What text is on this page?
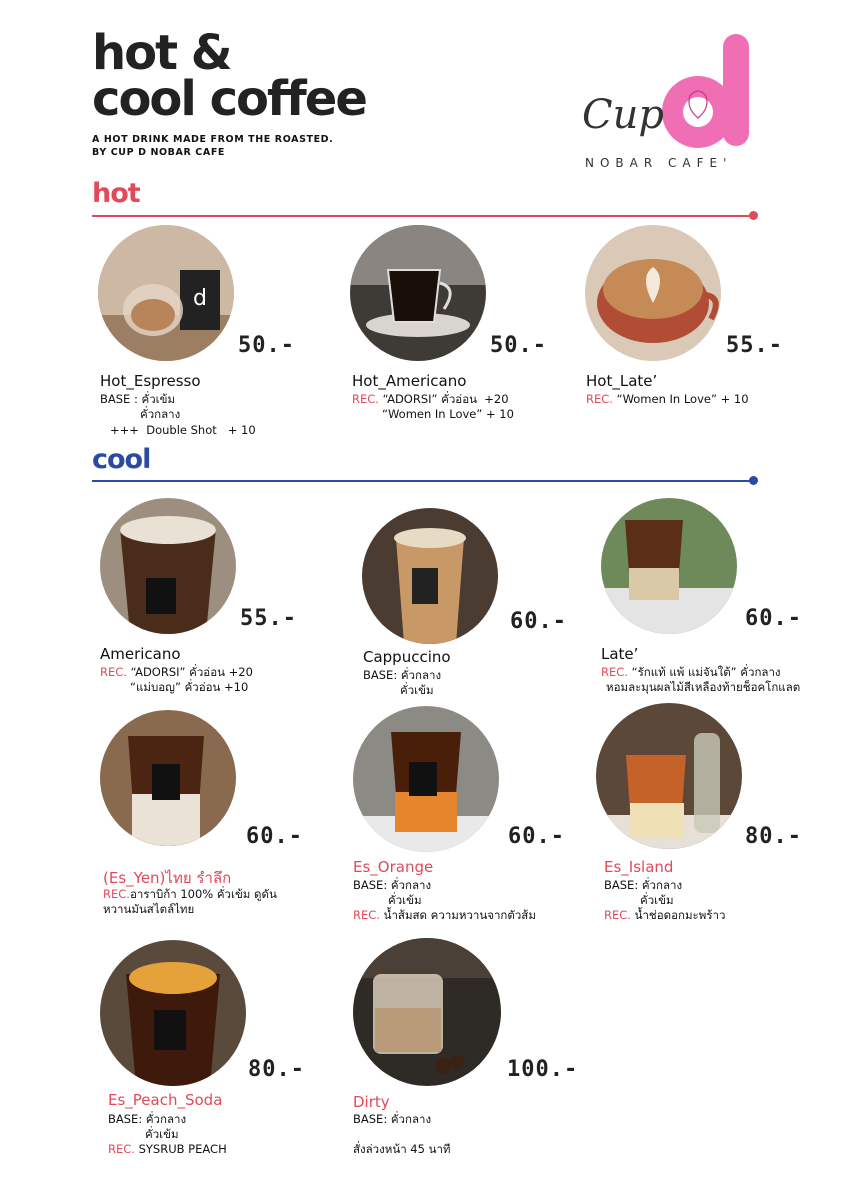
hot &
cool coffee
A HOT DRINK MADE FROM THE ROASTED.
BY CUP D NOBAR CAFE
Cup
NOBAR CAFE'
hot
d
50.-
Hot_Espresso
BASE : คั่วเข้ม
คั่วกลาง
+++  Double Shot   + 10
50.-
Hot_Americano
REC. “ADORSI” คั่วอ่อน  +20
“Women In Love” + 10
55.-
Hot_Late’
REC. “Women In Love” + 10
cool
55.-
Americano
REC. “ADORSI” คั่วอ่อน +20
“แม่บอญ” คั่วอ่อน +10
60.-
Cappuccino
BASE: คั่วกลาง
คั่วเข้ม
60.-
Late’
REC. “รักแท้ แพ้ แม่จันใต้” คั่วกลาง
หอมละมุนผลไม้สีเหลืองท้ายช็อคโกแลต
60.-
(Es_Yen)ไทย รำลึก
REC.อาราบิก้า 100% คั่วเข้ม ดูดัน
หวานมันสไตล์ไทย
60.-
Es_Orange
BASE: คั่วกลาง
คั่วเข้ม
REC. น้ำส้มสด ความหวานจากตัวส้ม
80.-
Es_Island
BASE: คั่วกลาง
คั่วเข้ม
REC. น้ำช่อดอกมะพร้าว
80.-
Es_Peach_Soda
BASE: คั่วกลาง
คั่วเข้ม
REC. SYSRUB PEACH
100.-
Dirty
BASE: คั่วกลาง
สั่งล่วงหน้า 45 นาที
